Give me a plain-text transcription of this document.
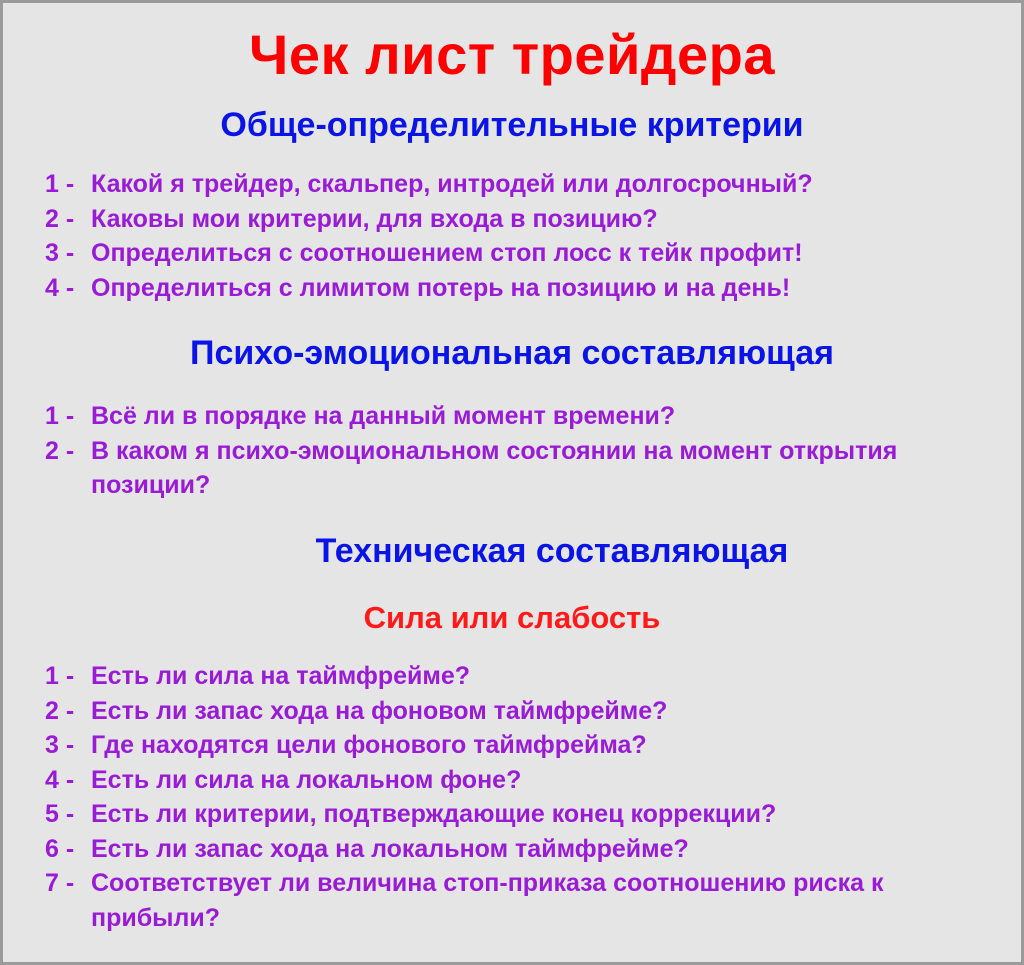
Чек лист трейдера
Обще-определительные критерии
1 - Какой я трейдер, скальпер, интродей или долгосрочный?
2 - Каковы мои критерии, для входа в позицию?
3 - Определиться с соотношением стоп лосс к тейк профит!
4 - Определиться с лимитом потерь на позицию и на день!
Психо-эмоциональная составляющая
1 - Всё ли в порядке на данный момент времени?
2 - В каком я психо-эмоциональном состоянии на момент открытия позиции?
Техническая составляющая
Сила или слабость
1 - Есть ли сила на таймфрейме?
2 - Есть ли запас хода на фоновом таймфрейме?
3 - Где находятся цели фонового таймфрейма?
4 - Есть ли сила на локальном фоне?
5 - Есть ли критерии, подтверждающие конец коррекции?
6 - Есть ли запас хода на локальном таймфрейме?
7 - Соответствует ли величина стоп-приказа соотношению риска к прибыли?
